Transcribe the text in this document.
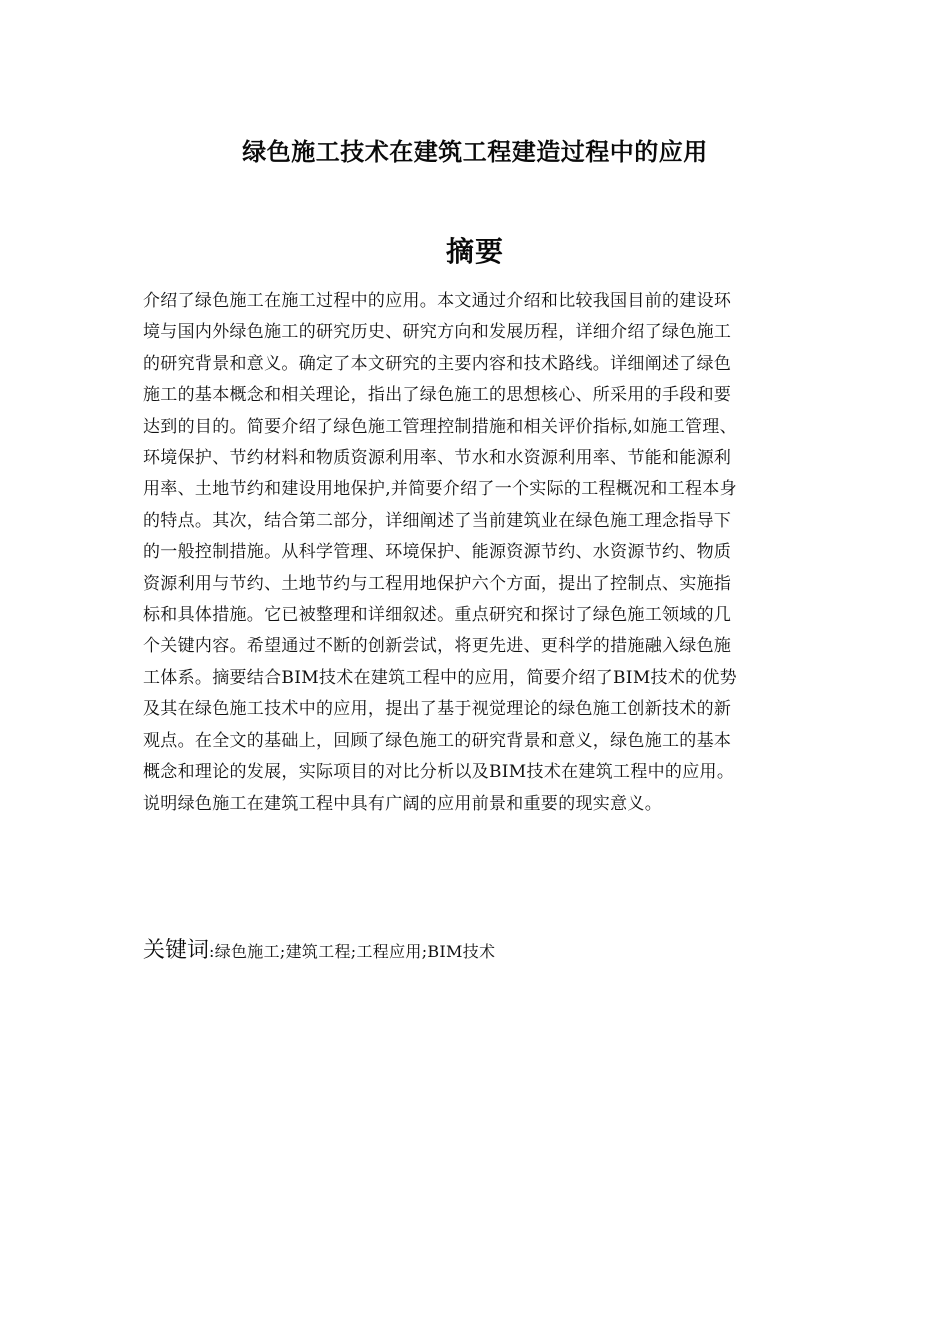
绿色施工技术在建筑工程建造过程中的应用
摘要
介绍了绿色施工在施工过程中的应用。本文通过介绍和比较我国目前的建设环
境与国内外绿色施工的研究历史、研究方向和发展历程，详细介绍了绿色施工
的研究背景和意义。确定了本文研究的主要内容和技术路线。详细阐述了绿色
施工的基本概念和相关理论，指出了绿色施工的思想核心、所采用的手段和要
达到的目的。简要介绍了绿色施工管理控制措施和相关评价指标,如施工管理、
环境保护、节约材料和物质资源利用率、节水和水资源利用率、节能和能源利
用率、土地节约和建设用地保护,并简要介绍了一个实际的工程概况和工程本身
的特点。其次，结合第二部分，详细阐述了当前建筑业在绿色施工理念指导下
的一般控制措施。从科学管理、环境保护、能源资源节约、水资源节约、物质
资源利用与节约、土地节约与工程用地保护六个方面，提出了控制点、实施指
标和具体措施。它已被整理和详细叙述。重点研究和探讨了绿色施工领域的几
个关键内容。希望通过不断的创新尝试，将更先进、更科学的措施融入绿色施
工体系。摘要结合BIM技术在建筑工程中的应用，简要介绍了BIM技术的优势
及其在绿色施工技术中的应用，提出了基于视觉理论的绿色施工创新技术的新
观点。在全文的基础上，回顾了绿色施工的研究背景和意义，绿色施工的基本
概念和理论的发展，实际项目的对比分析以及BIM技术在建筑工程中的应用。
说明绿色施工在建筑工程中具有广阔的应用前景和重要的现实意义。
关键词:绿色施工;建筑工程;工程应用;BIM技术
